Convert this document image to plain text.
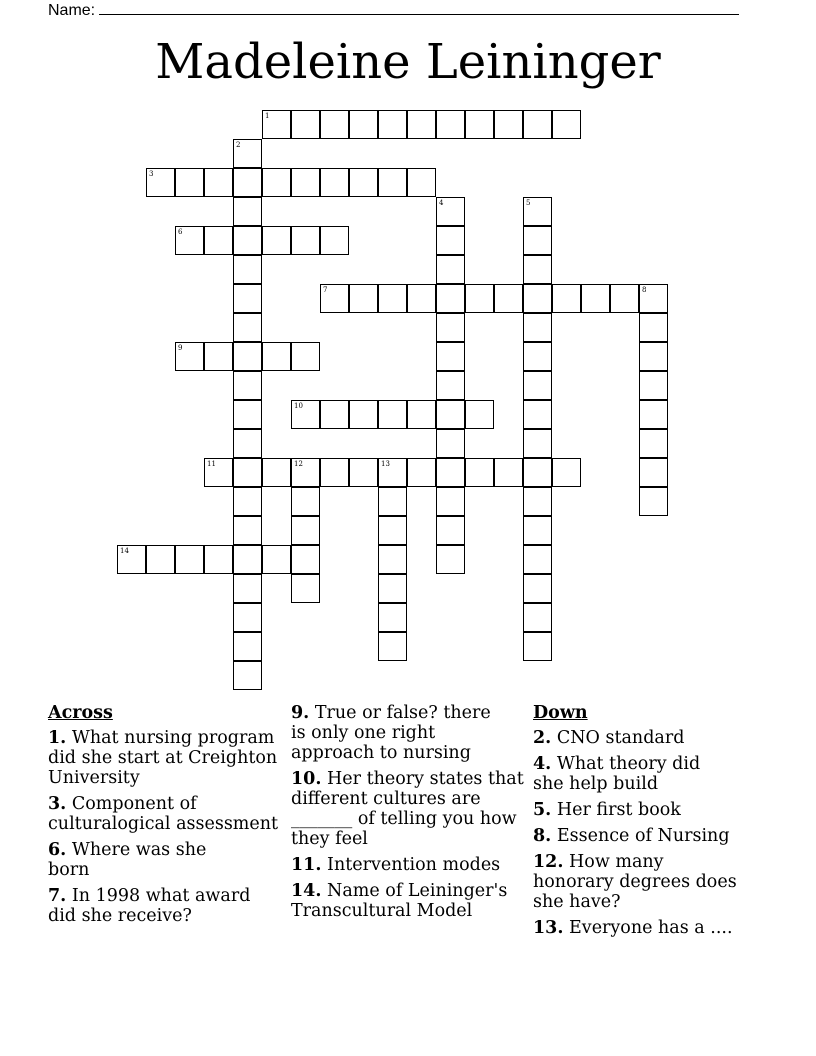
Name:
Madeleine Leininger
1
2
3
4	5
6
7	8
9
10
11	12	13
14
Across
1. What nursing program did she start at Creighton University
3. Component of culturalogical assessment
6. Where was she born
7. In 1998 what award did she receive?
9. True or false? there is only one right approach to nursing
10. Her theory states that different cultures are _______ of telling you how they feel
11. Intervention modes
14. Name of Leininger's Transcultural Model
Down
2. CNO standard
4. What theory did she help build
5. Her first book
8. Essence of Nursing
12. How many honorary degrees does she have?
13. Everyone has a ....
